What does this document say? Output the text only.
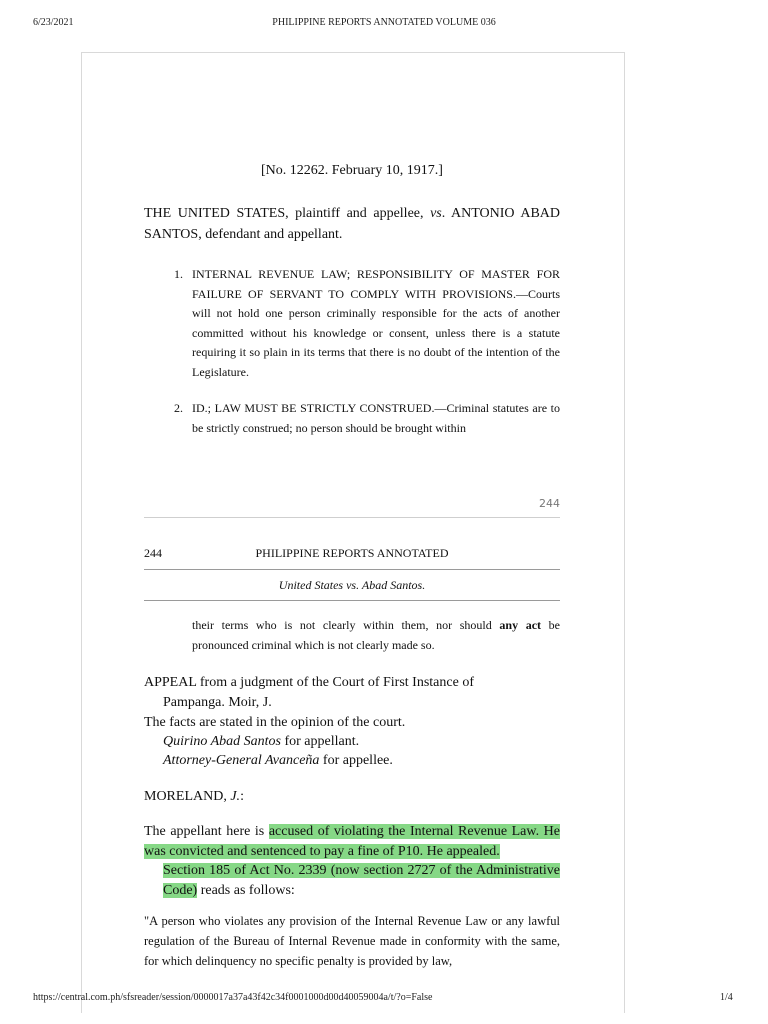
6/23/2021	PHILIPPINE REPORTS ANNOTATED VOLUME 036
[No. 12262. February 10, 1917.]
THE UNITED STATES, plaintiff and appellee, vs. ANTONIO ABAD SANTOS, defendant and appellant.
1. INTERNAL REVENUE LAW; RESPONSIBILITY OF MASTER FOR FAILURE OF SERVANT TO COMPLY WITH PROVISIONS.—Courts will not hold one person criminally responsible for the acts of another committed without his knowledge or consent, unless there is a statute requiring it so plain in its terms that there is no doubt of the intention of the Legislature.
2. ID.; LAW MUST BE STRICTLY CONSTRUED.—Criminal statutes are to be strictly construed; no person should be brought within
244
PHILIPPINE REPORTS ANNOTATED
244
United States vs. Abad Santos.
their terms who is not clearly within them, nor should any act be pronounced criminal which is not clearly made so.
APPEAL from a judgment of the Court of First Instance of
Pampanga. Moir, J.
The facts are stated in the opinion of the court.
Quirino Abad Santos for appellant.
Attorney-General Avanceña for appellee.
MORELAND, J.:
The appellant here is accused of violating the Internal Revenue Law. He was convicted and sentenced to pay a fine of P10. He appealed.
Section 185 of Act No. 2339 (now section 2727 of the Administrative Code) reads as follows:
"A person who violates any provision of the Internal Revenue Law or any lawful regulation of the Bureau of Internal Revenue made in conformity with the same, for which delinquency no specific penalty is provided by law,
https://central.com.ph/sfsreader/session/0000017a37a43f42c34f0001000d00d40059004a/t/?o=False	1/4
